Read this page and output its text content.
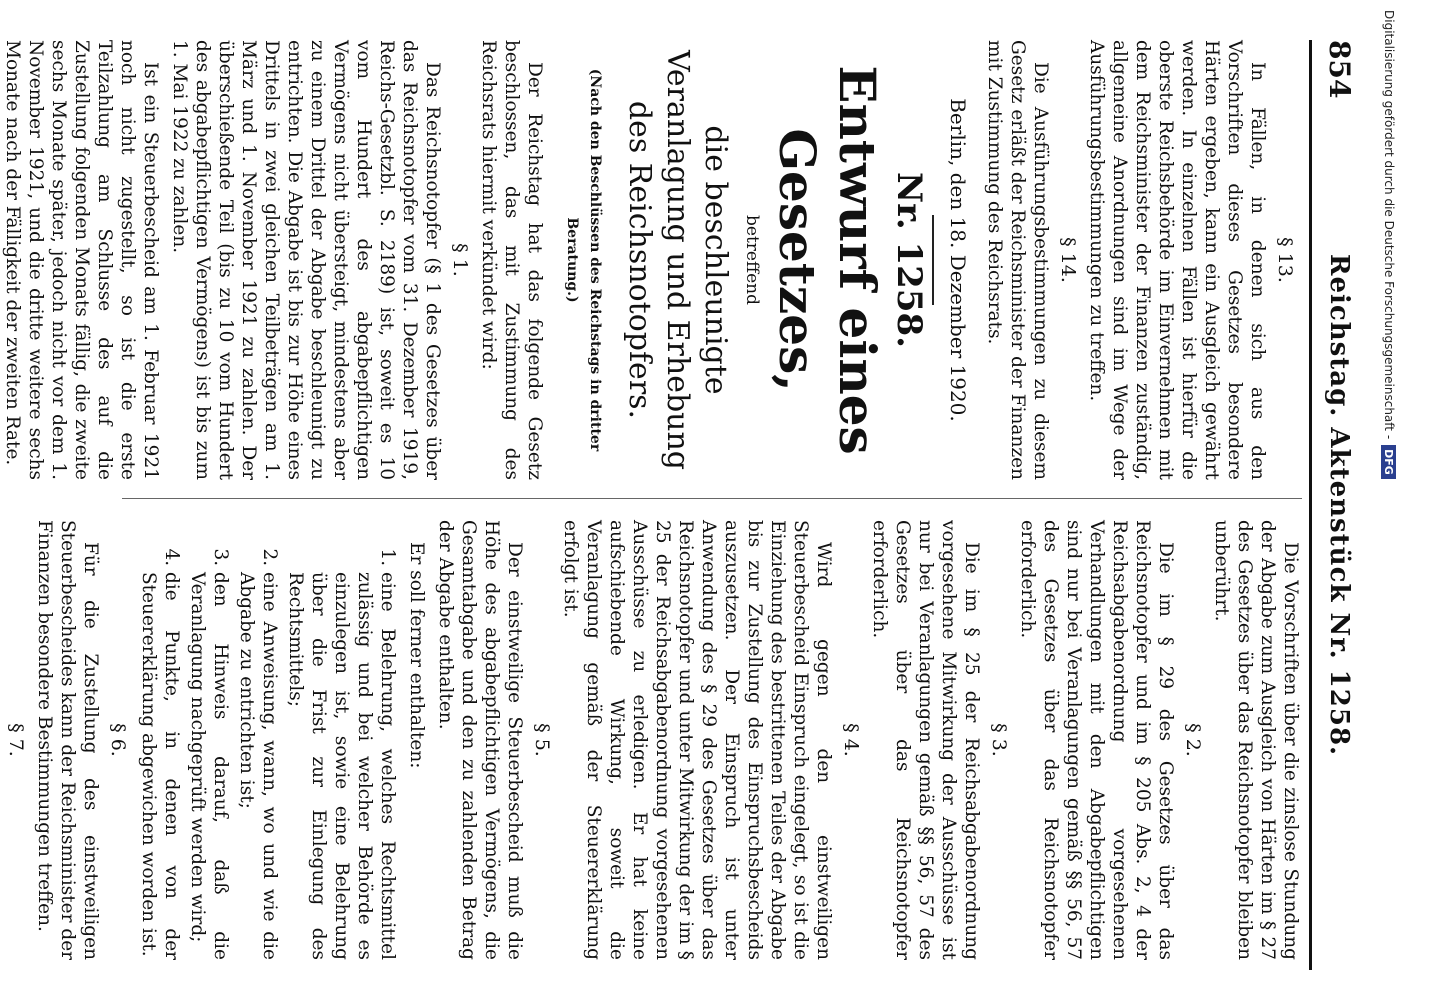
854
Reichstag. Aktenstück Nr. 1258.
§ 13.

In Fällen, in denen sich aus den Vorschriften dieses Gesetzes besondere Härten ergeben, kann ein Ausgleich gewährt werden. In einzelnen Fällen ist hierfür die oberste Reichsbehörde im Einvernehmen mit dem Reichsminister der Finanzen zuständig, allgemeine Anordnungen sind im Wege der Ausführungsbestimmungen zu treffen.

§ 14.

Die Ausführungsbestimmungen zu diesem Gesetz erläßt der Reichsminister der Finanzen mit Zustimmung des Reichsrats.

Berlin, den 18. Dezember 1920.
Nr. 1258.
Entwurf eines Gesetzes,
betreffend
die beschleunigte Veranlagung und Erhebung des Reichsnotopfers.
(Nach den Beschlüssen des Reichstags in dritter Beratung.)

Der Reichstag hat das folgende Gesetz beschlossen, das mit Zustimmung des Reichsrats hiermit verkündet wird:

§ 1.

Das Reichsnotopfer (§ 1 des Gesetzes über das Reichsnotopfer vom 31. Dezember 1919, Reichs-Gesetzbl. S. 2189) ist, soweit es 10 vom Hundert des abgabepflichtigen Vermögens nicht übersteigt, mindestens aber zu einem Drittel der Abgabe beschleunigt zu entrichten. Die Abgabe ist bis zur Höhe eines Drittels in zwei gleichen Teilbeträgen am 1. März und 1. November 1921 zu zahlen. Der überschießende Teil (bis zu 10 vom Hundert des abgabepflichtigen Vermögens) ist bis zum 1. Mai 1922 zu zahlen.

Ist ein Steuerbescheid am 1. Februar 1921 noch nicht zugestellt, so ist die erste Teilzahlung am Schlusse des auf die Zustellung folgenden Monats fällig, die zweite sechs Monate später, jedoch nicht vor dem 1. November 1921, und die dritte weitere sechs Monate nach der Fälligkeit der zweiten Rate.

Die Vorschriften über die zinslose Stundung der Abgabe zum Ausgleich von Härten im § 27 des Gesetzes über das Reichsnotopfer bleiben unberührt.

§ 2.

Die im § 29 des Gesetzes über das Reichsnotopfer und im § 205 Abs. 2, 4 der Reichsabgabenordnung vorgesehenen Verhandlungen mit den Abgabepflichtigen sind nur bei Veranlagungen gemäß §§ 56, 57 des Gesetzes über das Reichsnotopfer erforderlich.

§ 3.

Die im § 25 der Reichsabgabenordnung vorgesehene Mitwirkung der Ausschüsse ist nur bei Veranlagungen gemäß §§ 56, 57 des Gesetzes über das Reichsnotopfer erforderlich.

§ 4.

Wird gegen den einstweiligen Steuerbescheid Einspruch eingelegt, so ist die Einziehung des bestrittenen Teiles der Abgabe bis zur Zustellung des Einspruchsbescheids auszusetzen. Der Einspruch ist unter Anwendung des § 29 des Gesetzes über das Reichsnotopfer und unter Mitwirkung der im § 25 der Reichsabgabenordnung vorgesehenen Ausschüsse zu erledigen. Er hat keine aufschiebende Wirkung, soweit die Veranlagung gemäß der Steuererklärung erfolgt ist.

§ 5.

Der einstweilige Steuerbescheid muß die Höhe des abgabepflichtigen Vermögens, die Gesamtabgabe und den zu zahlenden Betrag der Abgabe enthalten.

Er soll ferner enthalten:

1. eine Belehrung, welches Rechtsmittel zulässig und bei welcher Behörde es einzulegen ist, sowie eine Belehrung über die Frist zur Einlegung des Rechtsmittels;
2. eine Anweisung, wann, wo und wie die Abgabe zu entrichten ist;
3. den Hinweis darauf, daß die Veranlagung nachgeprüft werden wird;
4. die Punkte, in denen von der Steuererklärung abgewichen worden ist.
§ 6.

Für die Zustellung des einstweiligen Steuerbescheides kann der Reichsminister der Finanzen besondere Bestimmungen treffen.

§ 7.

Digitalisierung gefördert durch die Deutsche Forschungsgemeinschaft -DFG
